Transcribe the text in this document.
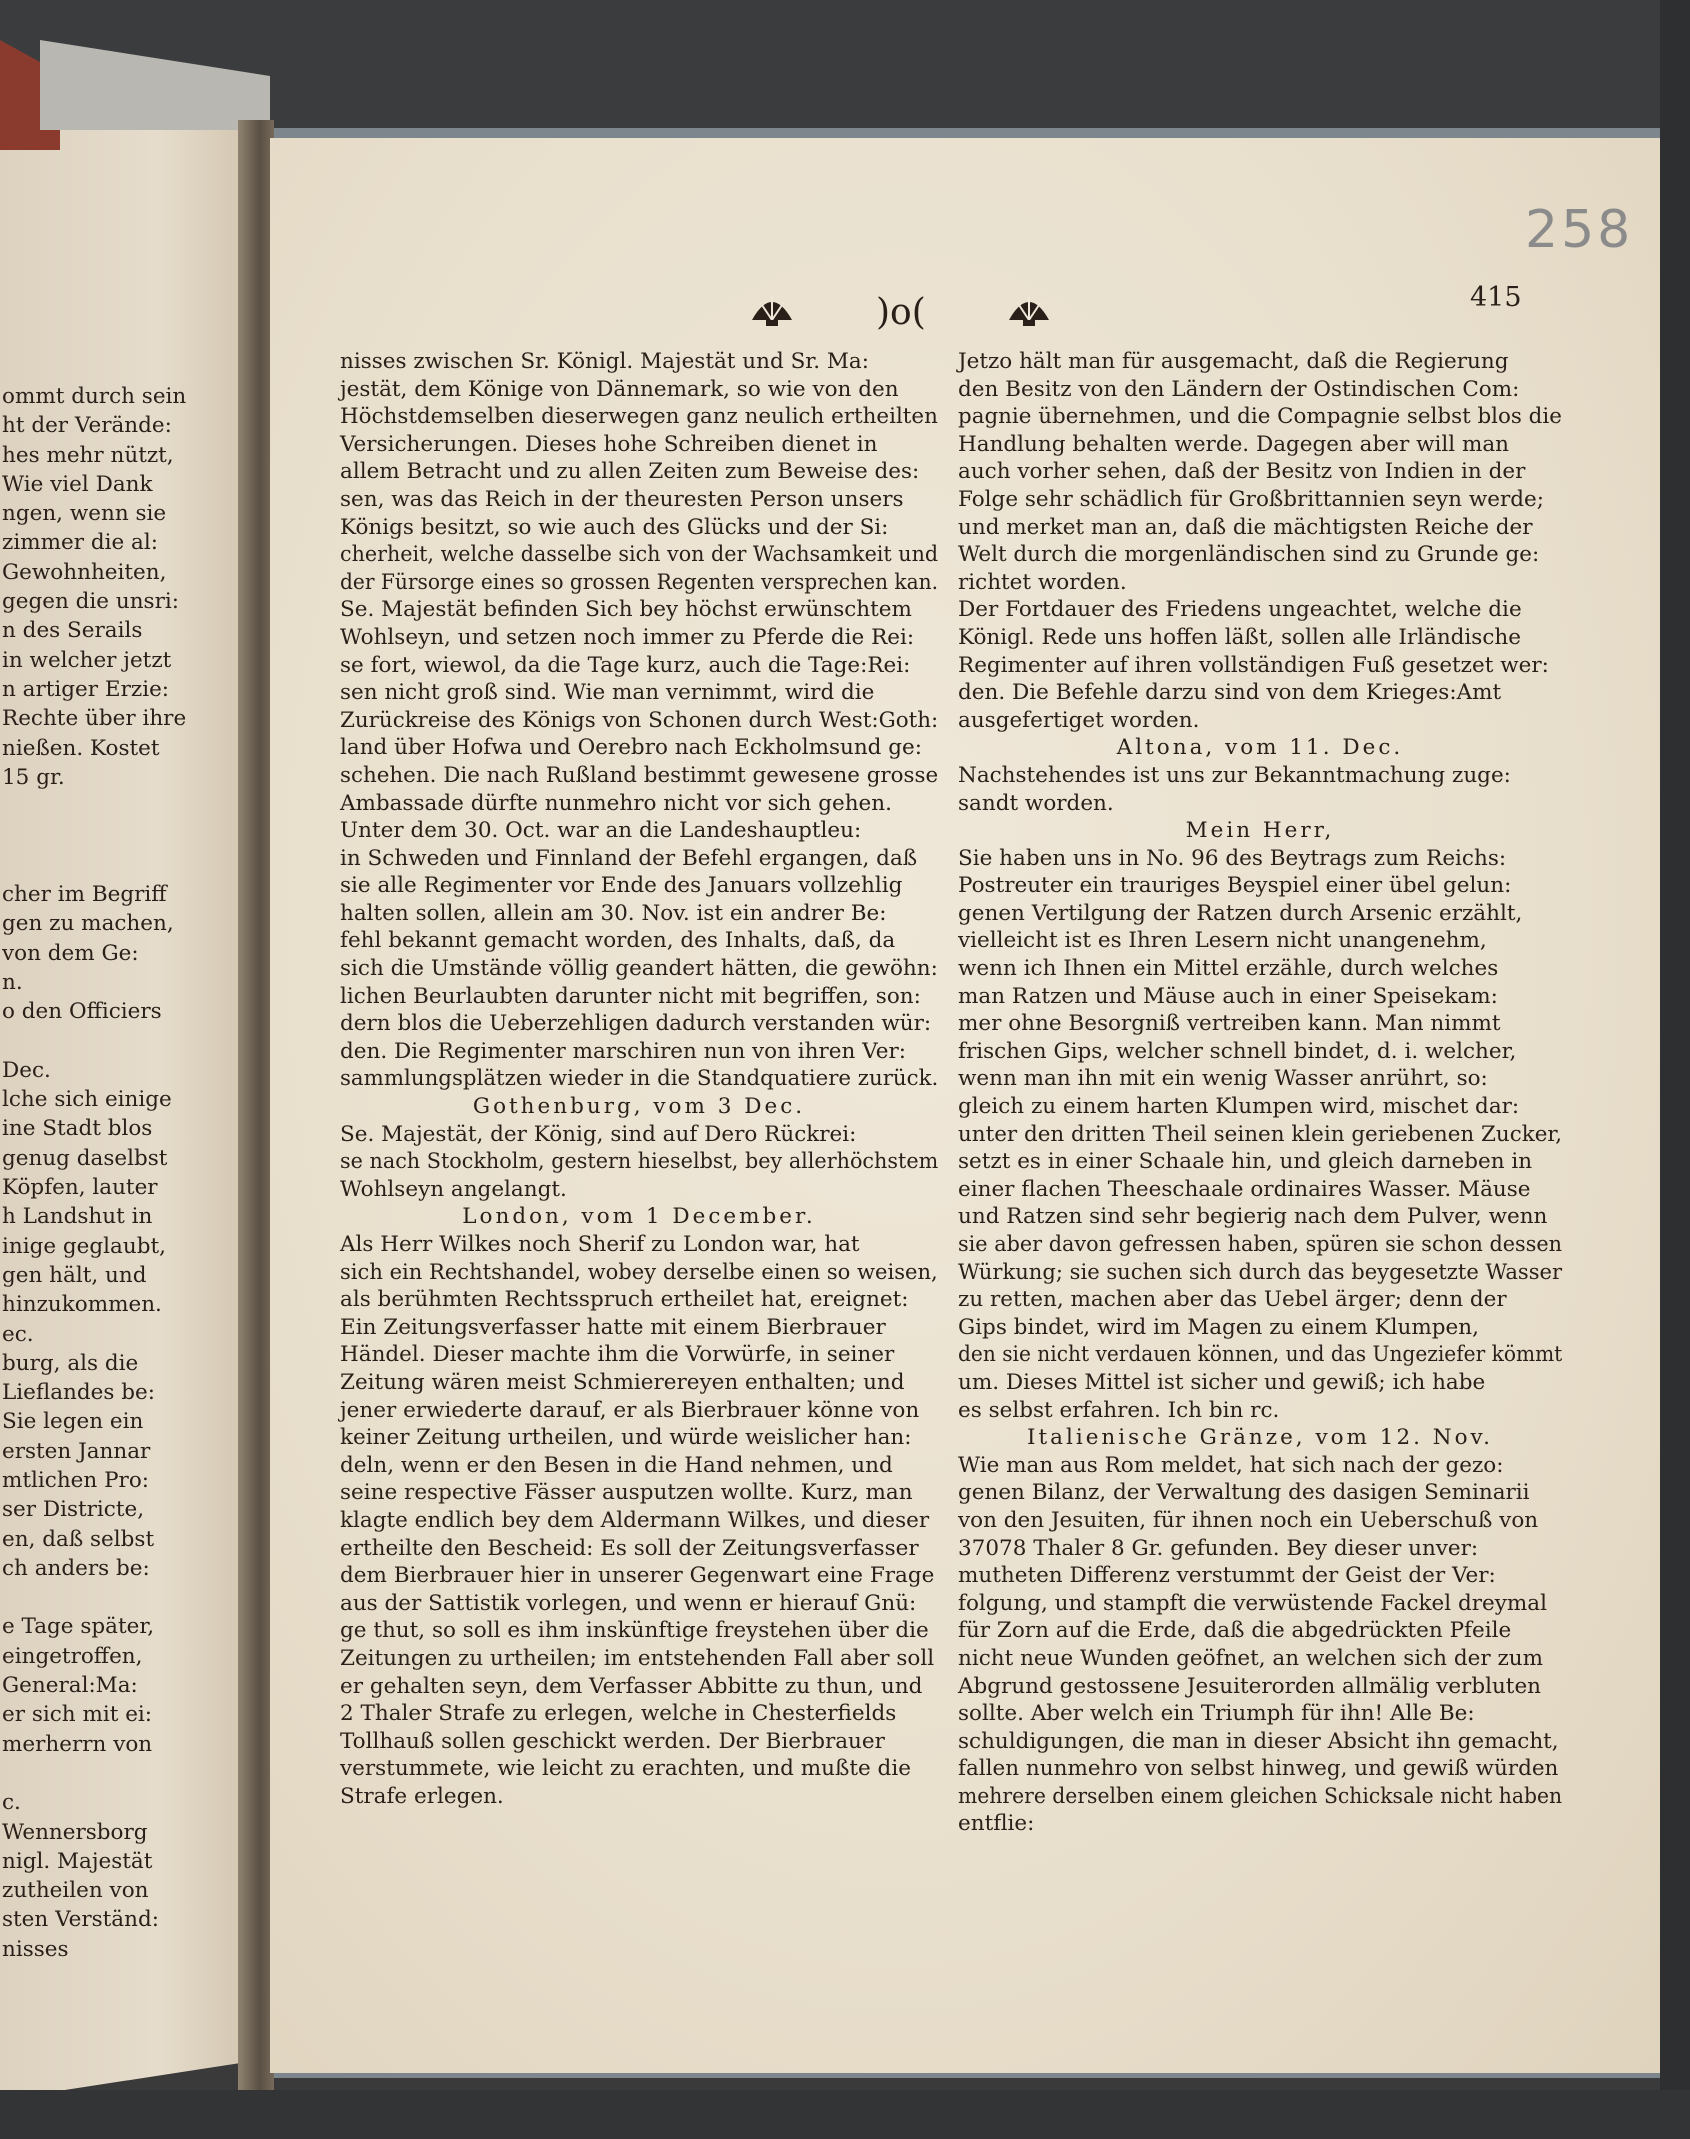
ommt durch sein
ht der Verände:
hes mehr nützt,
Wie viel Dank
ngen, wenn sie
zimmer die al:
Gewohnheiten,
gegen die unsri:
n des Serails
in welcher jetzt
n artiger Erzie:
Rechte über ihre
nießen. Kostet
15 gr.
cher im Begriff
gen zu machen,
von dem Ge:
n.
o den Officiers
Dec.
lche sich einige
ine Stadt blos
genug daselbst
Köpfen, lauter
h Landshut in
inige geglaubt,
gen hält, und
hinzukommen.
ec.
burg, als die
Lieflandes be:
Sie legen ein
ersten Jannar
mtlichen Pro:
ser Districte,
en, daß selbst
ch anders be:
e Tage später,
eingetroffen,
General:Ma:
er sich mit ei:
merherrn von
c.
Wennersborg
nigl. Majestät
zutheilen von
sten Verständ:
nisses
258
415
)o(
nisses zwischen Sr. Königl. Majestät und Sr. Ma:
jestät, dem Könige von Dännemark, so wie von den
Höchstdemselben dieserwegen ganz neulich ertheilten
Versicherungen. Dieses hohe Schreiben dienet in
allem Betracht und zu allen Zeiten zum Beweise des:
sen, was das Reich in der theuresten Person unsers
Königs besitzt, so wie auch des Glücks und der Si:
cherheit, welche dasselbe sich von der Wachsamkeit und
der Fürsorge eines so grossen Regenten versprechen kan.
Se. Majestät befinden Sich bey höchst erwünschtem
Wohlseyn, und setzen noch immer zu Pferde die Rei:
se fort, wiewol, da die Tage kurz, auch die Tage:Rei:
sen nicht groß sind. Wie man vernimmt, wird die
Zurückreise des Königs von Schonen durch West:Goth:
land über Hofwa und Oerebro nach Eckholmsund ge:
schehen. Die nach Rußland bestimmt gewesene grosse
Ambassade dürfte nunmehro nicht vor sich gehen.
Unter dem 30. Oct. war an die Landeshauptleu:
in Schweden und Finnland der Befehl ergangen, daß
sie alle Regimenter vor Ende des Januars vollzehlig
halten sollen, allein am 30. Nov. ist ein andrer Be:
fehl bekannt gemacht worden, des Inhalts, daß, da
sich die Umstände völlig geandert hätten, die gewöhn:
lichen Beurlaubten darunter nicht mit begriffen, son:
dern blos die Ueberzehligen dadurch verstanden wür:
den. Die Regimenter marschiren nun von ihren Ver:
sammlungsplätzen wieder in die Standquatiere zurück.
Gothenburg, vom 3 Dec.
Se. Majestät, der König, sind auf Dero Rückrei:
se nach Stockholm, gestern hieselbst, bey allerhöchstem
Wohlseyn angelangt.
London, vom 1 December.
Als Herr Wilkes noch Sherif zu London war, hat
sich ein Rechtshandel, wobey derselbe einen so weisen,
als berühmten Rechtsspruch ertheilet hat, ereignet:
Ein Zeitungsverfasser hatte mit einem Bierbrauer
Händel. Dieser machte ihm die Vorwürfe, in seiner
Zeitung wären meist Schmierereyen enthalten; und
jener erwiederte darauf, er als Bierbrauer könne von
keiner Zeitung urtheilen, und würde weislicher han:
deln, wenn er den Besen in die Hand nehmen, und
seine respective Fässer ausputzen wollte. Kurz, man
klagte endlich bey dem Aldermann Wilkes, und dieser
ertheilte den Bescheid: Es soll der Zeitungsverfasser
dem Bierbrauer hier in unserer Gegenwart eine Frage
aus der Sattistik vorlegen, und wenn er hierauf Gnü:
ge thut, so soll es ihm inskünftige freystehen über die
Zeitungen zu urtheilen; im entstehenden Fall aber soll
er gehalten seyn, dem Verfasser Abbitte zu thun, und
2 Thaler Strafe zu erlegen, welche in Chesterfields
Tollhauß sollen geschickt werden. Der Bierbrauer
verstummete, wie leicht zu erachten, und mußte die
Strafe erlegen.
Jetzo hält man für ausgemacht, daß die Regierung
den Besitz von den Ländern der Ostindischen Com:
pagnie übernehmen, und die Compagnie selbst blos die
Handlung behalten werde. Dagegen aber will man
auch vorher sehen, daß der Besitz von Indien in der
Folge sehr schädlich für Großbrittannien seyn werde;
und merket man an, daß die mächtigsten Reiche der
Welt durch die morgenländischen sind zu Grunde ge:
richtet worden.
Der Fortdauer des Friedens ungeachtet, welche die
Königl. Rede uns hoffen läßt, sollen alle Irländische
Regimenter auf ihren vollständigen Fuß gesetzet wer:
den. Die Befehle darzu sind von dem Krieges:Amt
ausgefertiget worden.
Altona, vom 11. Dec.
Nachstehendes ist uns zur Bekanntmachung zuge:
sandt worden.
Mein Herr,
Sie haben uns in No. 96 des Beytrags zum Reichs:
Postreuter ein trauriges Beyspiel einer übel gelun:
genen Vertilgung der Ratzen durch Arsenic erzählt,
vielleicht ist es Ihren Lesern nicht unangenehm,
wenn ich Ihnen ein Mittel erzähle, durch welches
man Ratzen und Mäuse auch in einer Speisekam:
mer ohne Besorgniß vertreiben kann. Man nimmt
frischen Gips, welcher schnell bindet, d. i. welcher,
wenn man ihn mit ein wenig Wasser anrührt, so:
gleich zu einem harten Klumpen wird, mischet dar:
unter den dritten Theil seinen klein geriebenen Zucker,
setzt es in einer Schaale hin, und gleich darneben in
einer flachen Theeschaale ordinaires Wasser. Mäuse
und Ratzen sind sehr begierig nach dem Pulver, wenn
sie aber davon gefressen haben, spüren sie schon dessen
Würkung; sie suchen sich durch das beygesetzte Wasser
zu retten, machen aber das Uebel ärger; denn der
Gips bindet, wird im Magen zu einem Klumpen,
den sie nicht verdauen können, und das Ungeziefer kömmt
um. Dieses Mittel ist sicher und gewiß; ich habe
es selbst erfahren. Ich bin rc.
Italienische Gränze, vom 12. Nov.
Wie man aus Rom meldet, hat sich nach der gezo:
genen Bilanz, der Verwaltung des dasigen Seminarii
von den Jesuiten, für ihnen noch ein Ueberschuß von
37078 Thaler 8 Gr. gefunden. Bey dieser unver:
mutheten Differenz verstummt der Geist der Ver:
folgung, und stampft die verwüstende Fackel dreymal
für Zorn auf die Erde, daß die abgedrückten Pfeile
nicht neue Wunden geöfnet, an welchen sich der zum
Abgrund gestossene Jesuiterorden allmälig verbluten
sollte. Aber welch ein Triumph für ihn! Alle Be:
schuldigungen, die man in dieser Absicht ihn gemacht,
fallen nunmehro von selbst hinweg, und gewiß würden
mehrere derselben einem gleichen Schicksale nicht haben
entflie:
